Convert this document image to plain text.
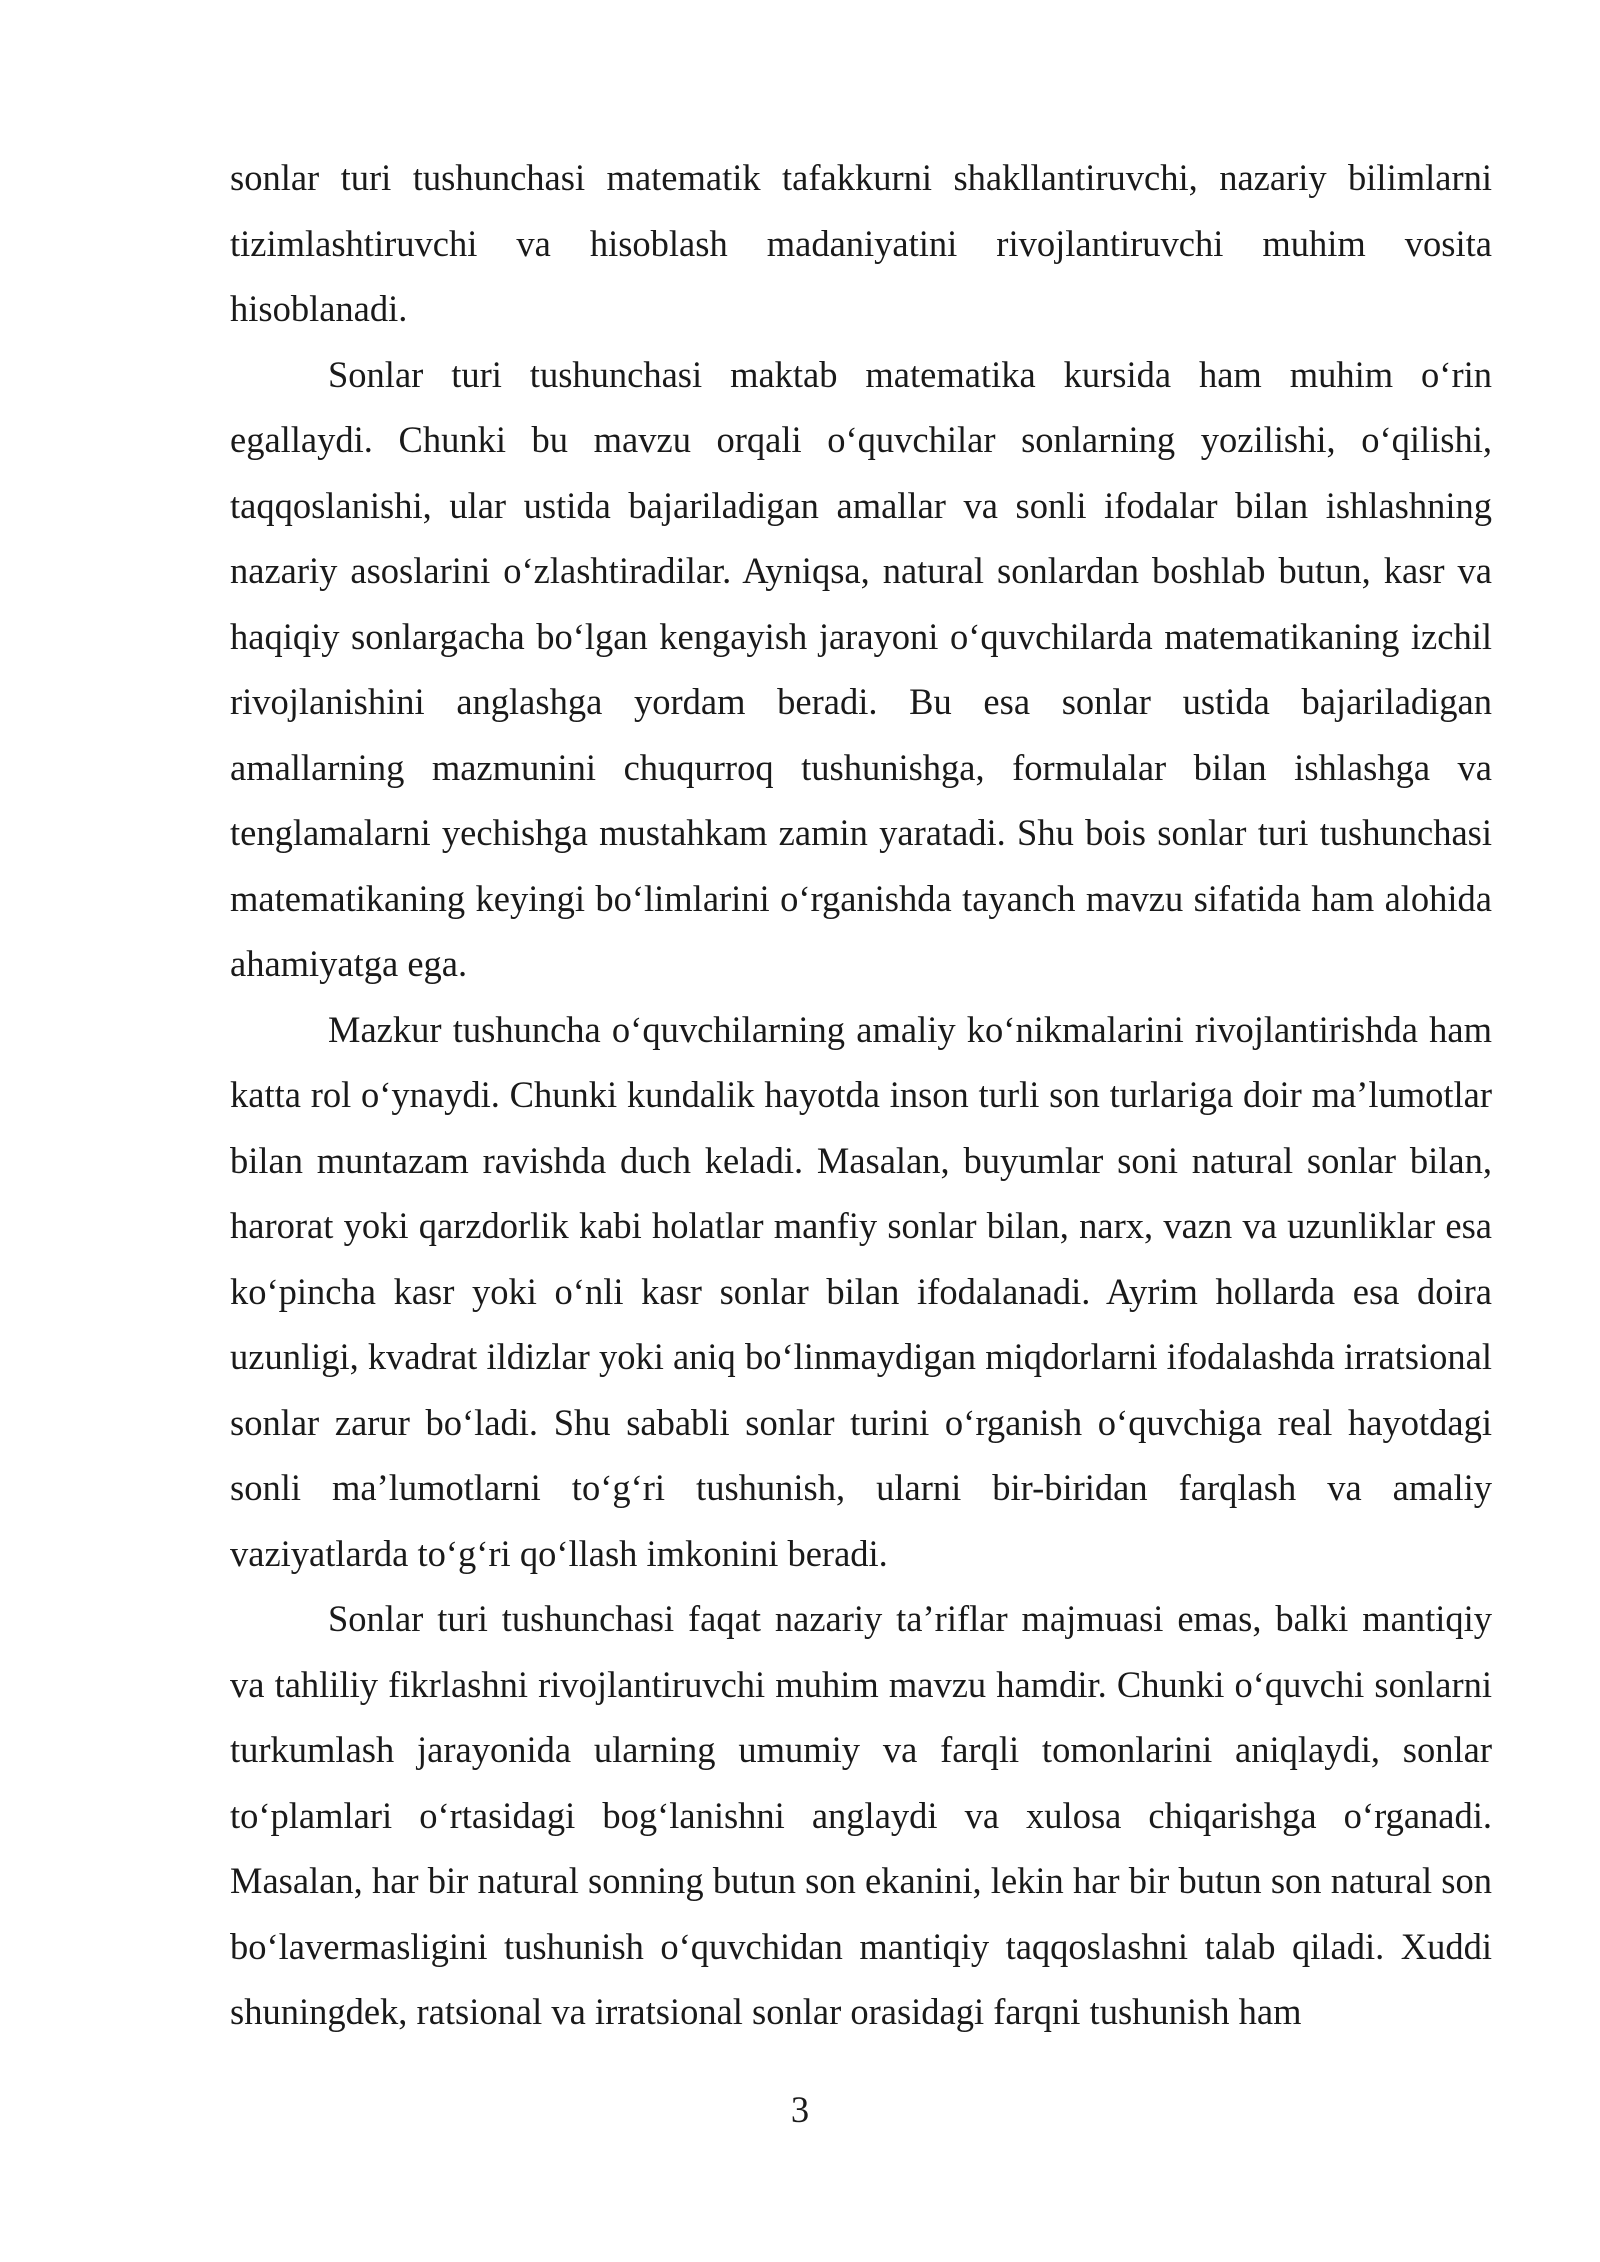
sonlar turi tushunchasi matematik tafakkurni shakllantiruvchi, nazariy bilimlarni tizimlashtiruvchi va hisoblash madaniyatini rivojlantiruvchi muhim vosita hisoblanadi.

Sonlar turi tushunchasi maktab matematika kursida ham muhim o‘rin egallaydi. Chunki bu mavzu orqali o‘quvchilar sonlarning yozilishi, o‘qilishi, taqqoslanishi, ular ustida bajariladigan amallar va sonli ifodalar bilan ishlashning nazariy asoslarini o‘zlashtiradilar. Ayniqsa, natural sonlardan boshlab butun, kasr va haqiqiy sonlargacha bo‘lgan kengayish jarayoni o‘quvchilarda matematikaning izchil rivojlanishini anglashga yordam beradi. Bu esa sonlar ustida bajariladigan amallarning mazmunini chuqurroq tushunishga, formulalar bilan ishlashga va tenglamalarni yechishga mustahkam zamin yaratadi. Shu bois sonlar turi tushunchasi matematikaning keyingi bo‘limlarini o‘rganishda tayanch mavzu sifatida ham alohida ahamiyatga ega.

Mazkur tushuncha o‘quvchilarning amaliy ko‘nikmalarini rivojlantirishda ham katta rol o‘ynaydi. Chunki kundalik hayotda inson turli son turlariga doir ma’lumotlar bilan muntazam ravishda duch keladi. Masalan, buyumlar soni natural sonlar bilan, harorat yoki qarzdorlik kabi holatlar manfiy sonlar bilan, narx, vazn va uzunliklar esa ko‘pincha kasr yoki o‘nli kasr sonlar bilan ifodalanadi. Ayrim hollarda esa doira uzunligi, kvadrat ildizlar yoki aniq bo‘linmaydigan miqdorlarni ifodalashda irratsional sonlar zarur bo‘ladi. Shu sababli sonlar turini o‘rganish o‘quvchiga real hayotdagi sonli ma’lumotlarni to‘g‘ri tushunish, ularni bir-biridan farqlash va amaliy vaziyatlarda to‘g‘ri qo‘llash imkonini beradi.

Sonlar turi tushunchasi faqat nazariy ta’riflar majmuasi emas, balki mantiqiy va tahliliy fikrlashni rivojlantiruvchi muhim mavzu hamdir. Chunki o‘quvchi sonlarni turkumlash jarayonida ularning umumiy va farqli tomonlarini aniqlaydi, sonlar to‘plamlari o‘rtasidagi bog‘lanishni anglaydi va xulosa chiqarishga o‘rganadi. Masalan, har bir natural sonning butun son ekanini, lekin har bir butun son natural son bo‘lavermasligini tushunish o‘quvchidan mantiqiy taqqoslashni talab qiladi. Xuddi shuningdek, ratsional va irratsional sonlar orasidagi farqni tushunish ham

3
